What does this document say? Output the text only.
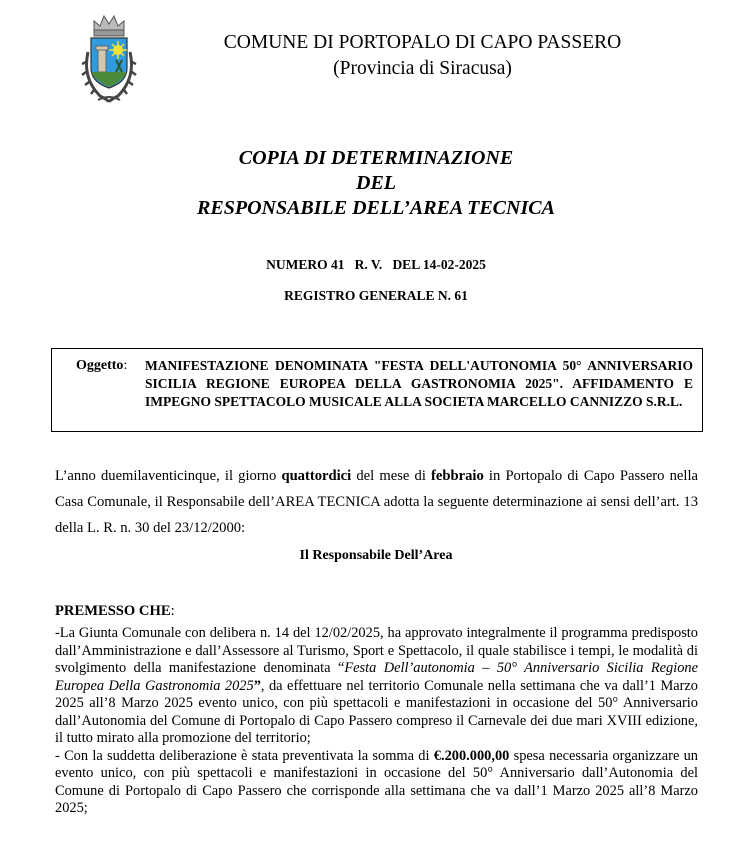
COMUNE DI PORTOPALO DI CAPO PASSERO
(Provincia di Siracusa)
COPIA DI DETERMINAZIONE
DEL
RESPONSABILE DELL’AREA TECNICA
NUMERO 41 R. V. DEL 14-02-2025
REGISTRO GENERALE N. 61
Oggetto: MANIFESTAZIONE DENOMINATA "FESTA DELL'AUTONOMIA 50° ANNIVERSARIO SICILIA REGIONE EUROPEA DELLA GASTRONOMIA 2025". AFFIDAMENTO E IMPEGNO SPETTACOLO MUSICALE ALLA SOCIETA MARCELLO CANNIZZO S.R.L.
L’anno duemilaventicinque, il giorno quattordici del mese di febbraio in Portopalo di Capo Passero nella Casa Comunale, il Responsabile dell’AREA TECNICA adotta la seguente determinazione ai sensi dell’art. 13 della L. R. n. 30 del 23/12/2000:
Il Responsabile Dell’Area
PREMESSO CHE:

-La Giunta Comunale con delibera n. 14 del 12/02/2025, ha approvato integralmente il programma predisposto dall’Amministrazione e dall’Assessore al Turismo, Sport e Spettacolo, il quale stabilisce i tempi, le modalità di svolgimento della manifestazione denominata “Festa Dell’autonomia – 50° Anniversario Sicilia Regione Europea Della Gastronomia 2025”, da effettuare nel territorio Comunale nella settimana che va dall’1 Marzo 2025 all’8 Marzo 2025 evento unico, con più spettacoli e manifestazioni in occasione del 50° Anniversario dall’Autonomia del Comune di Portopalo di Capo Passero compreso il Carnevale dei due mari XVIII edizione, il tutto mirato alla promozione del territorio;

- Con la suddetta deliberazione è stata preventivata la somma di €.200.000,00 spesa necessaria organizzare un evento unico, con più spettacoli e manifestazioni in occasione del 50° Anniversario dall’Autonomia del Comune di Portopalo di Capo Passero che corrisponde alla settimana che va dall’1 Marzo 2025 all’8 Marzo 2025;
